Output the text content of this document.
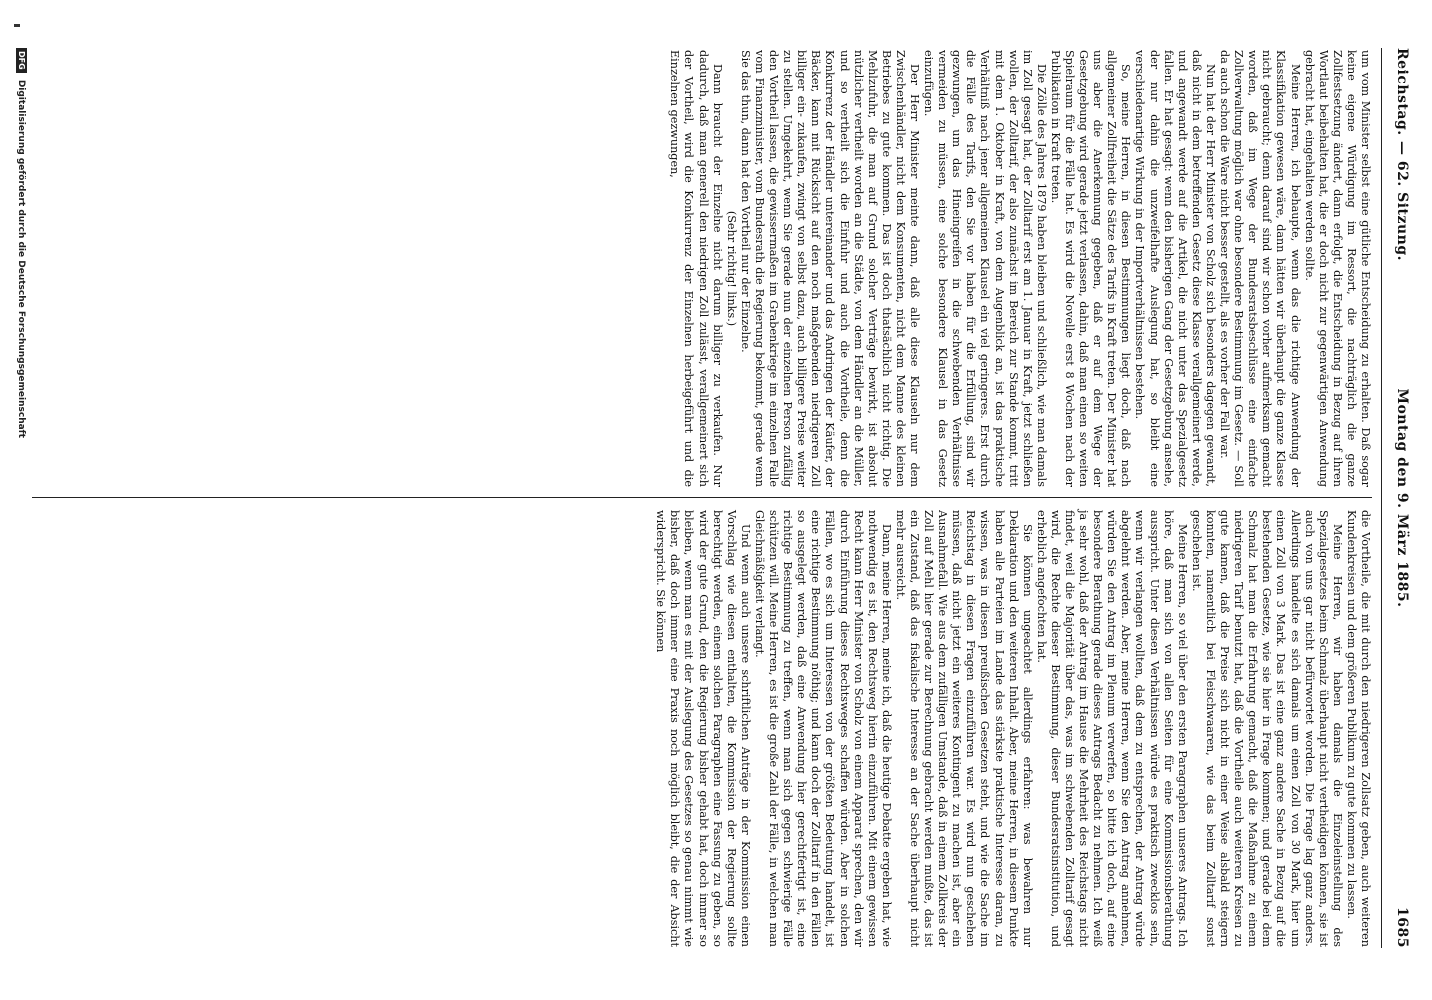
Reichstag. — 62. Sitzung.
Montag den 9. März 1885.
1685

um vom Minister selbst eine gütliche Entscheidung zu erhalten. Daß sogar keine eigene Würdigung im Ressort, die nachträglich die ganze Zollfestsetzung ändert, dann erfolgt, die Entscheidung in Bezug auf ihren Wortlaut beibehalten hat, die er doch nicht zur gegenwärtigen Anwendung gebracht hat, eingehalten werden sollte.

Meine Herren, ich behaupte, wenn das die richtige Anwendung der Klassifikation gewesen wäre, dann hätten wir überhaupt die ganze Klasse nicht gebraucht; denn darauf sind wir schon vorher aufmerksam gemacht worden, daß im Wege der Bundesratsbeschlüsse eine einfache Zollverwaltung möglich war ohne besondere Bestimmung im Gesetz. — Soll da auch schon die Ware nicht besser gestellt, als es vorher der Fall war.

Nun hat der Herr Minister von Scholz sich besonders dagegen gewandt, daß nicht in dem betreffenden Gesetz diese Klasse verallgemeinert werde, und angewandt werde auf die Artikel, die nicht unter das Spezialgesetz fallen. Er hat gesagt: wenn den bisherigen Gang der Gesetzgebung ansehe, der nur dahin die unzweifelhafte Auslegung hat, so bleibt eine verschiedenartige Wirkung in der Importverhältnissen bestehen.

So, meine Herren, in diesen Bestimmungen liegt doch, daß nach allgemeiner Zollfreiheit die Sätze des Tarifs in Kraft treten. Der Minister hat uns aber die Anerkennung gegeben, daß er auf dem Wege der Gesetzgebung wird gerade jetzt verlassen, dahin, daß man einen so weiten Spielraum für die Fälle hat. Es wird die Novelle erst 8 Wochen nach der Publikation in Kraft treten.

Die Zölle des Jahres 1879 haben bleiben und schließlich, wie man damals im Zoll gesagt hat, der Zolltarif erst am 1. Januar in Kraft, jetzt schließen wollen, der Zolltarif, der also zunächst im Bereich zur Stande kommt, tritt mit dem 1. Oktober in Kraft, von dem Augenblick an, ist das praktische Verhältniß nach jener allgemeinen Klausel ein viel geringeres. Erst durch die Fälle des Tarifs, den Sie vor haben für die Erfüllung, sind wir gezwungen, um das Hineingreifen in die schwebenden Verhältnisse vermeiden zu müssen, eine solche besondere Klausel in das Gesetz einzufügen.

Der Herr Minister meinte dann, daß alle diese Klauseln nur dem Zwischenhändler, nicht dem Konsumenten, nicht dem Manne des kleinen Betriebes zu gute kommen. Das ist doch thatsächlich nicht richtig. Die Mehlzufuhr, die man auf Grund solcher Verträge bewirkt, ist absolut nützlicher vertheilt worden an die Städte, von dem Händler an die Müller, und so vertheilt sich die Einfuhr und auch die Vortheile, denn die Konkurrenz der Händler untereinander und das Andringen der Käufer, der Bäcker, kann mit Rücksicht auf den noch maßgebenden niedrigeren Zoll billiger ein- zukaufen, zwingt von selbst dazu, auch billigere Preise weiter zu stellen. Umgekehrt, wenn Sie gerade nun der einzelnen Person zufällig den Vortheil lassen, die gewissermaßen im Grabenkriege im einzelnen Falle vom Finanzminister, vom Bundesrath die Regierung bekommt, gerade wenn Sie das thun, dann hat den Vortheil nur der Einzelne.

(Sehr richtig! links.)

Dann braucht der Einzelne nicht darum billiger zu verkaufen. Nur dadurch, daß man generell den niedrigen Zoll zulässt, verallgemeinert sich der Vortheil, wird die Konkurrenz der Einzelnen herbeigeführt und die Einzelnen gezwungen,

die Vortheile, die mit durch den niedrigeren Zollsatz geben, auch weiteren Kundenkreisen und dem größeren Publikum zu gute kommen zu lassen.

Meine Herren, wir haben damals die Einzeleinstellung des Spezialgesetzes beim Schmalz überhaupt nicht vertheidigen können, sie ist auch von uns gar nicht befürwortet worden. Die Frage lag ganz anders. Allerdings handelte es sich damals um einen Zoll von 30 Mark, hier um einen Zoll von 3 Mark. Das ist eine ganz andere Sache in Bezug auf die bestehenden Gesetze, wie sie hier in Frage kommen; und gerade bei dem Schmalz hat man die Erfahrung gemacht, daß die Maßnahme zu einem niedrigeren Tarif benutzt hat, daß die Vortheile auch weiteren Kreisen zu gute kamen, daß die Preise sich nicht in einer Weise alsbald steigern konnten, namentlich bei Fleischwaaren, wie das beim Zolltarif sonst geschehen ist.

Meine Herren, so viel über den ersten Paragraphen unseres Antrags. Ich höre, daß man sich von allen Seiten für eine Kommissionsberathung ausspricht. Unter diesen Verhältnissen würde es praktisch zwecklos sein, wenn wir verlangen wollten, daß dem zu entsprechen, der Antrag würde abgelehnt werden. Aber, meine Herren, wenn Sie den Antrag annehmen, würden Sie den Antrag im Plenum verwerfen, so bitte ich doch, auf eine besondere Berathung gerade dieses Antrags Bedacht zu nehmen. Ich weiß ja sehr wohl, daß der Antrag im Hause die Mehrheit des Reichstags nicht findet, weil die Majorität über das, was im schwebenden Zolltarif gesagt wird, die Rechte dieser Bestimmung, dieser Bundesratsinstitution, und erheblich angefochten hat.

Sie können ungeachtet allerdings erfahren: was bewahren nur Deklaration und den weiteren Inhalt. Aber, meine Herren, in diesem Punkte haben alle Parteien im Lande das stärkste praktische Interesse daran, zu wissen, was in diesen preußischen Gesetzen steht, und wie die Sache im Reichstag in diesen Fragen einzuführen war. Es wird nun geschehen müssen, daß nicht jetzt ein weiteres Kontingent zu machen ist, aber ein Ausnahmefall. Wie aus dem zufälligen Umstande, daß in einem Zollkreis der Zoll auf Mehl hier gerade zur Berechnung gebracht werden mußte, das ist ein Zustand, daß das fiskalische Interesse an der Sache überhaupt nicht mehr ausreicht.

Dann, meine Herren, meine ich, daß die heutige Debatte ergeben hat, wie nothwendig es ist, den Rechtsweg hierin einzuführen. Mit einem gewissen Recht kann Herr Minister von Scholz von einem Apparat sprechen, den wir durch Einführung dieses Rechtsweges schaffen würden. Aber in solchen Fällen, wo es sich um Interessen von der größten Bedeutung handelt, ist eine richtige Bestimmung nöthig; und kann doch der Zolltarif in den Fällen so ausgelegt werden, daß eine Anwendung hier gerechtfertigt ist, eine richtige Bestimmung zu treffen, wenn man sich gegen schwierige Fälle schützen will. Meine Herren, es ist die große Zahl der Fälle, in welchen man Gleichmäßigkeit verlangt.

Und wenn auch unsere schriftlichen Anträge in der Kommission einen Vorschlag wie diesen enthalten, die Kommission der Regierung sollte berechtigt werden, einem solchen Paragraphen eine Fassung zu geben, so wird der gute Grund, den die Regierung bisher gehabt hat, doch immer so bleiben, wenn man es mit der Auslegung des Gesetzes so genau nimmt wie bisher, daß doch immer eine Praxis noch möglich bleibt, die der Absicht widerspricht. Sie können

DFG Digitalisierung gefördert durch die Deutsche Forschungsgemeinschaft
